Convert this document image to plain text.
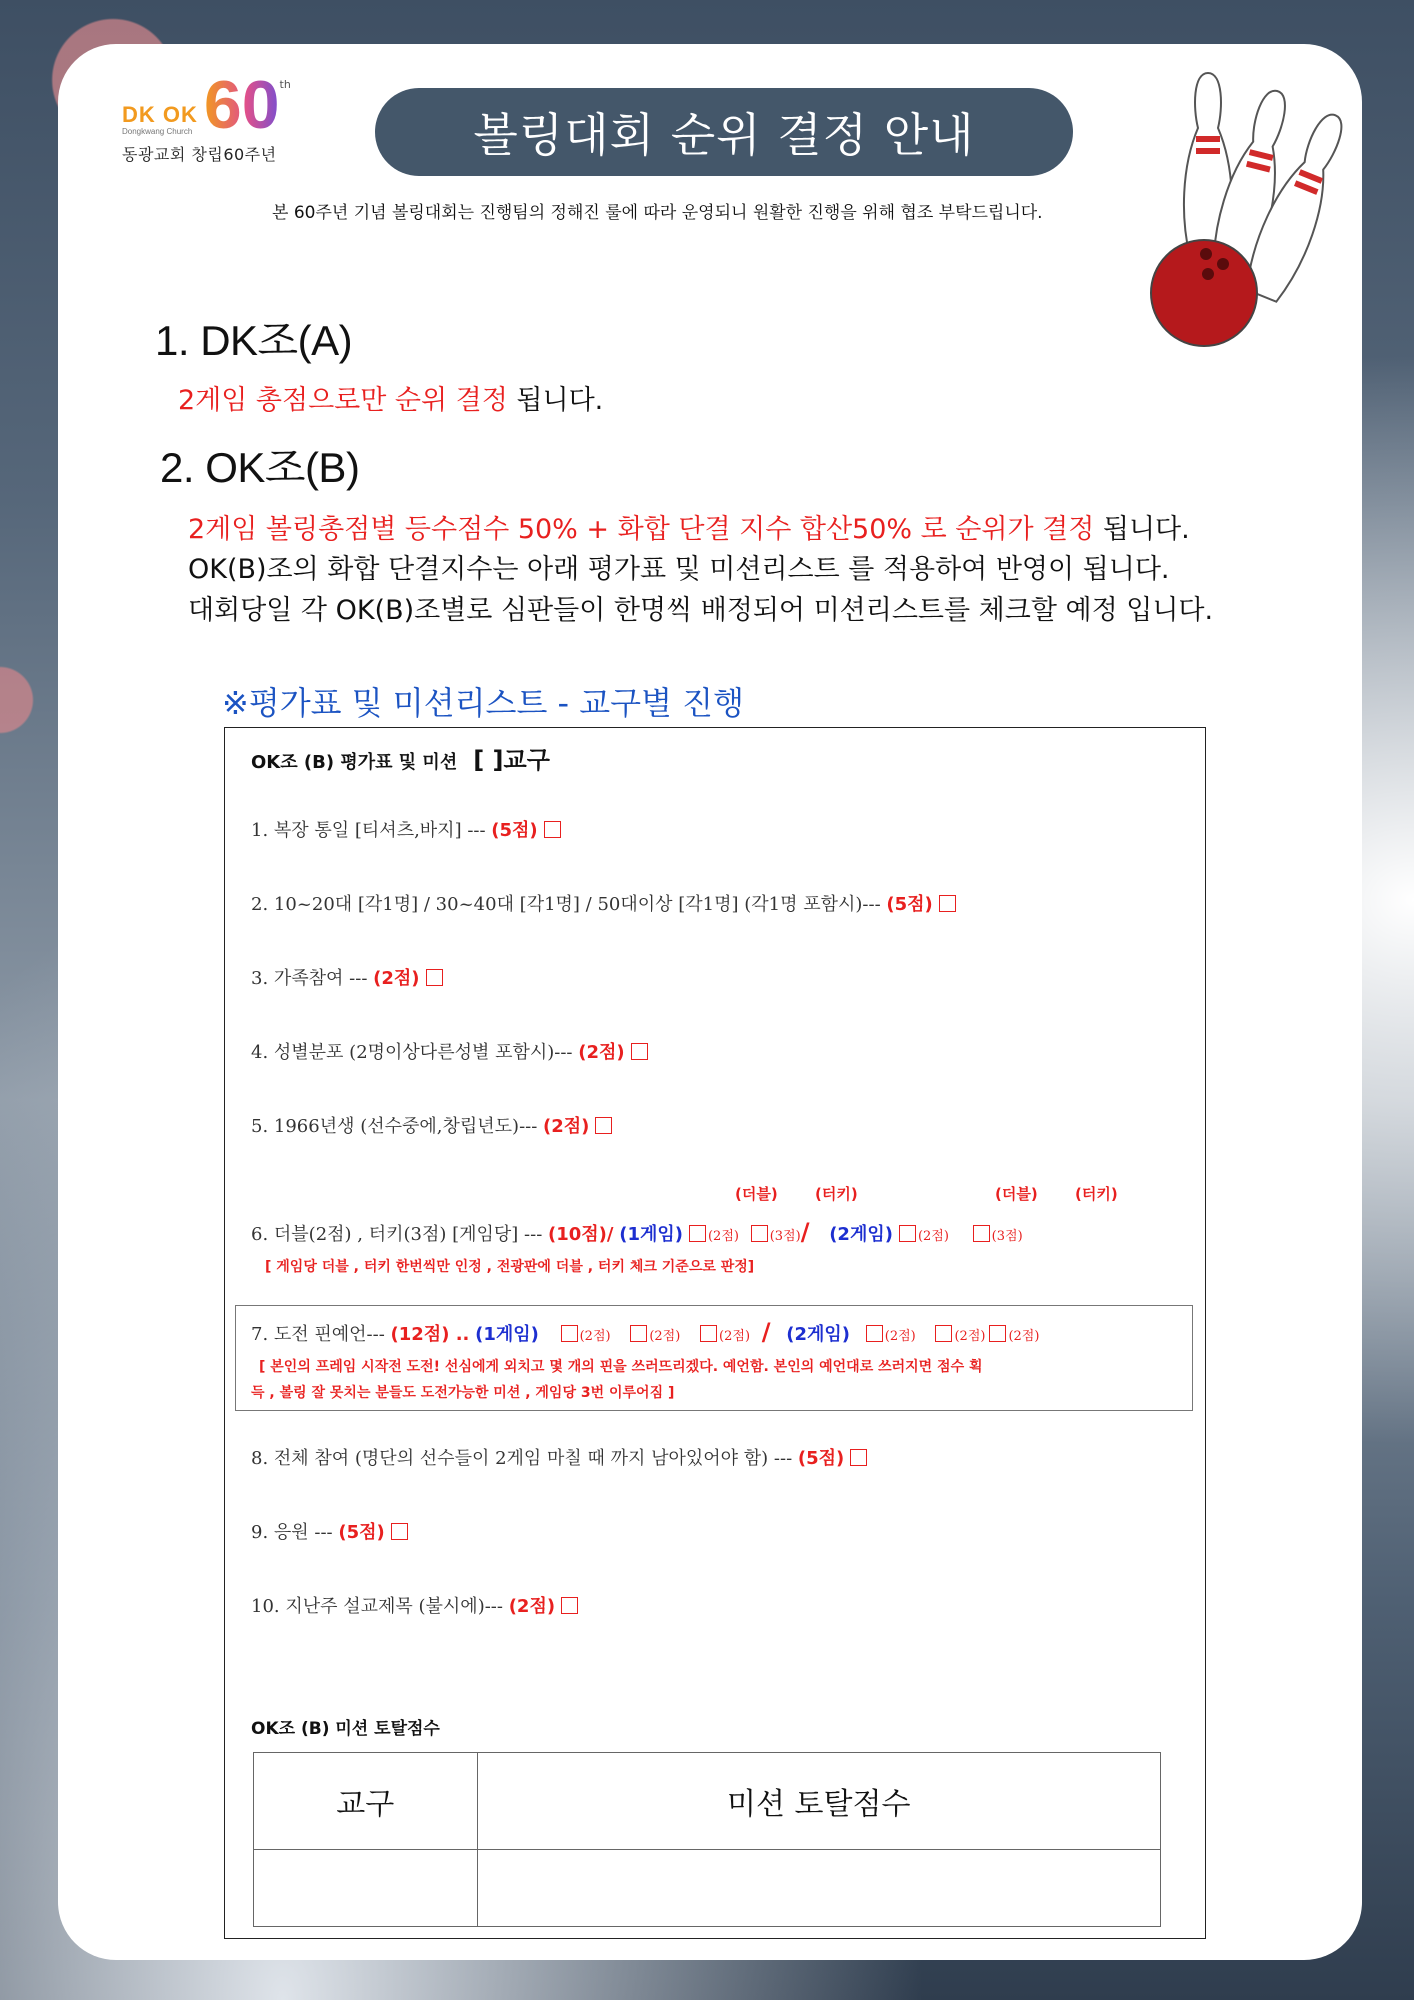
DK OK
Dongkwang Church 60 th
동광교회 창립60주년	볼링대회 순위 결정 안내
본 60주년 기념 볼링대회는 진행팀의 정해진 룰에 따라 운영되니 원활한 진행을 위해 협조 부탁드립니다.
1. DK조(A)
2게임 총점으로만 순위 결정 됩니다.
2. OK조(B)
2게임 볼링총점별 등수점수 50% + 화합 단결 지수 합산50% 로 순위가 결정 됩니다.
OK(B)조의 화합 단결지수는 아래 평가표 및 미션리스트 를 적용하여 반영이 됩니다.
대회당일 각 OK(B)조별로 심판들이 한명씩 배정되어 미션리스트를 체크할 예정 입니다.
※평가표 및 미션리스트 - 교구별 진행
OK조 (B) 평가표 및 미션 [ ]교구
1. 복장 통일 [티셔츠,바지] --- (5점)
2. 10~20대 [각1명] / 30~40대 [각1명] / 50대이상 [각1명] (각1명 포함시)--- (5점)
3. 가족참여 --- (2점)
4. 성별분포 (2명이상다른성별 포함시)--- (2점)
5. 1966년생 (선수중에,창립년도)--- (2점)
(더블) (터키)	(더블) (터키)
6. 더블(2점) , 터키(3점) [게임당] --- (10점)/ (1게임) (2점) (3점)/ (2게임) (2점)	(3점)
[ 게임당 더블 , 터키 한번씩만 인정 , 전광판에 더블 , 터키 체크 기준으로 판정]
7. 도전 핀예언--- (12점) .. (1게임)	(2점)	(2점)	(2점) / (2게임)	(2점)	(2점) (2점)
[ 본인의 프레임 시작전 도전! 선심에게 외치고 몇 개의 핀을 쓰러뜨리겠다. 예언함. 본인의 예언대로 쓰러지면 점수 획
득 , 볼링 잘 못치는 분들도 도전가능한 미션 , 게임당 3번 이루어짐 ]
8. 전체 참여 (명단의 선수들이 2게임 마칠 때 까지 남아있어야 함) --- (5점)
9. 응원 --- (5점)
10. 지난주 설교제목 (불시에)--- (2점)
OK조 (B) 미션 토탈점수
교구	미션 토탈점수
